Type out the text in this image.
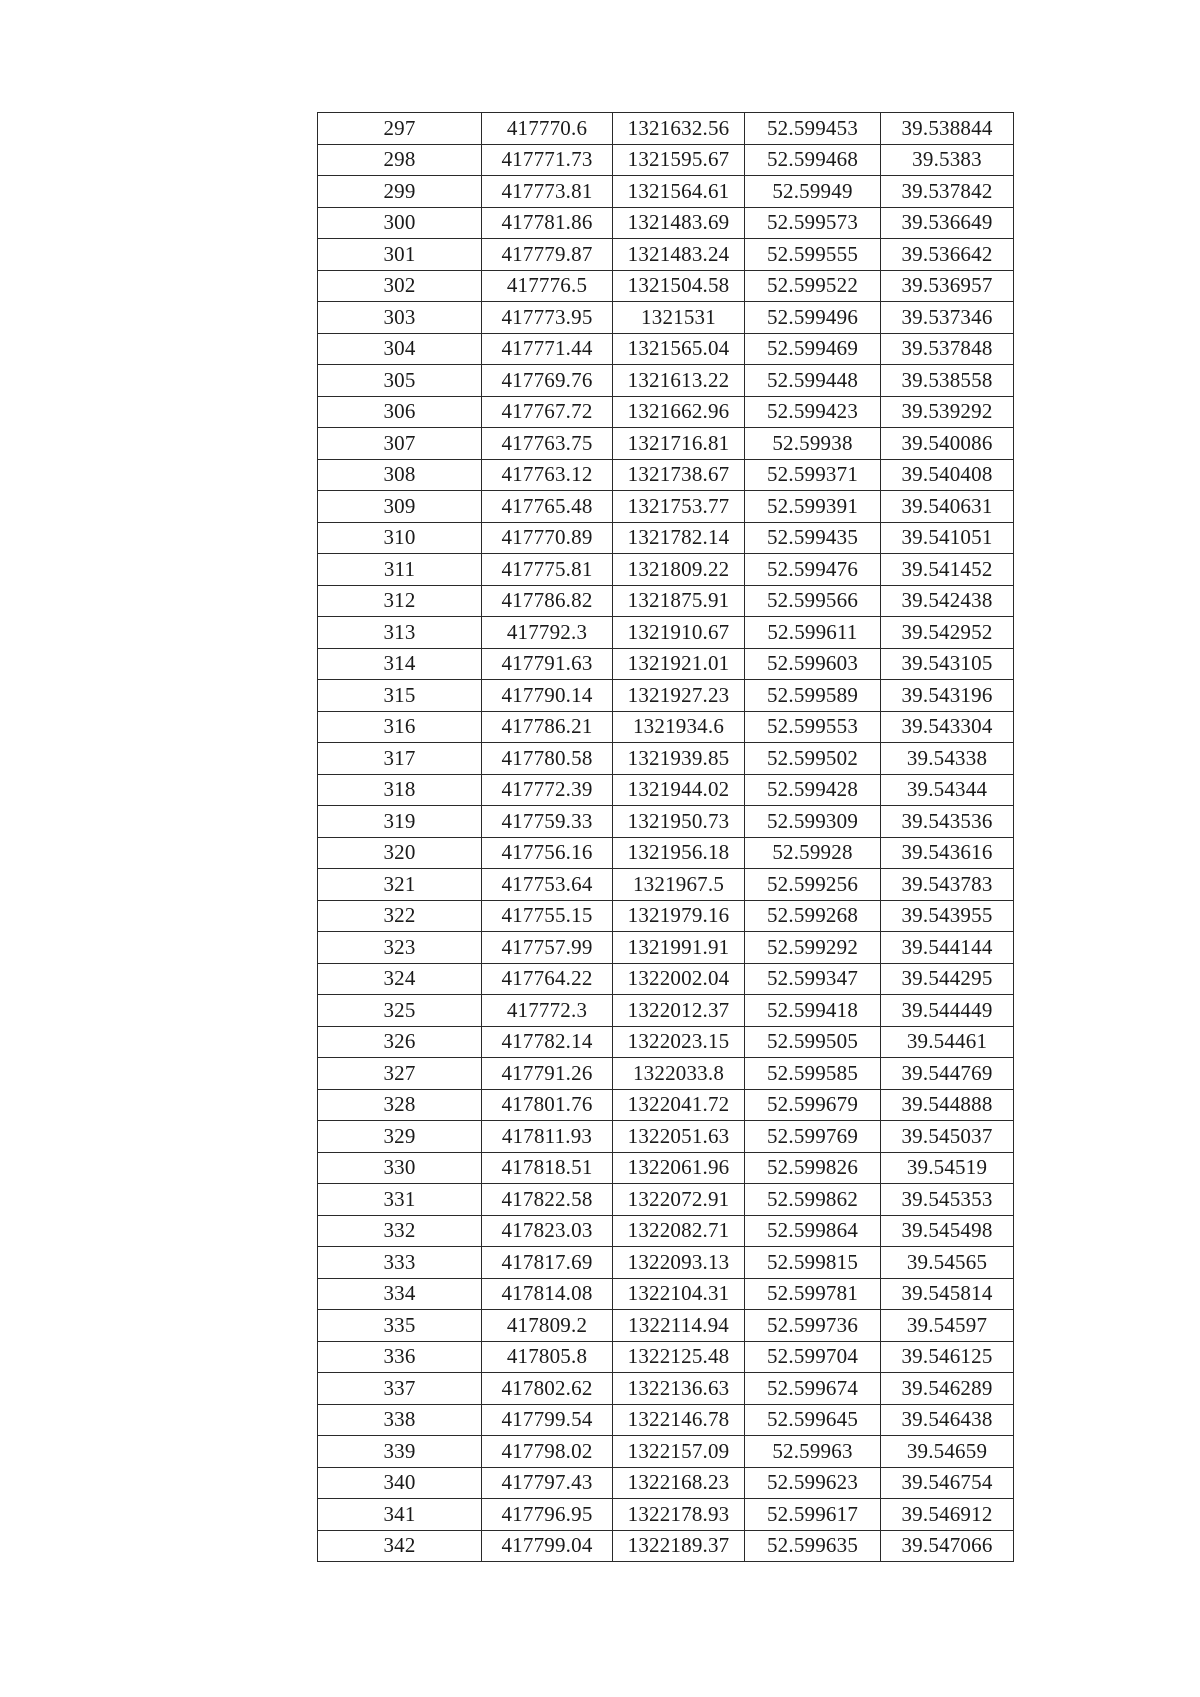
297	417770.6	1321632.56	52.599453	39.538844
298	417771.73	1321595.67	52.599468	39.5383
299	417773.81	1321564.61	52.59949	39.537842
300	417781.86	1321483.69	52.599573	39.536649
301	417779.87	1321483.24	52.599555	39.536642
302	417776.5	1321504.58	52.599522	39.536957
303	417773.95	1321531	52.599496	39.537346
304	417771.44	1321565.04	52.599469	39.537848
305	417769.76	1321613.22	52.599448	39.538558
306	417767.72	1321662.96	52.599423	39.539292
307	417763.75	1321716.81	52.59938	39.540086
308	417763.12	1321738.67	52.599371	39.540408
309	417765.48	1321753.77	52.599391	39.540631
310	417770.89	1321782.14	52.599435	39.541051
311	417775.81	1321809.22	52.599476	39.541452
312	417786.82	1321875.91	52.599566	39.542438
313	417792.3	1321910.67	52.599611	39.542952
314	417791.63	1321921.01	52.599603	39.543105
315	417790.14	1321927.23	52.599589	39.543196
316	417786.21	1321934.6	52.599553	39.543304
317	417780.58	1321939.85	52.599502	39.54338
318	417772.39	1321944.02	52.599428	39.54344
319	417759.33	1321950.73	52.599309	39.543536
320	417756.16	1321956.18	52.59928	39.543616
321	417753.64	1321967.5	52.599256	39.543783
322	417755.15	1321979.16	52.599268	39.543955
323	417757.99	1321991.91	52.599292	39.544144
324	417764.22	1322002.04	52.599347	39.544295
325	417772.3	1322012.37	52.599418	39.544449
326	417782.14	1322023.15	52.599505	39.54461
327	417791.26	1322033.8	52.599585	39.544769
328	417801.76	1322041.72	52.599679	39.544888
329	417811.93	1322051.63	52.599769	39.545037
330	417818.51	1322061.96	52.599826	39.54519
331	417822.58	1322072.91	52.599862	39.545353
332	417823.03	1322082.71	52.599864	39.545498
333	417817.69	1322093.13	52.599815	39.54565
334	417814.08	1322104.31	52.599781	39.545814
335	417809.2	1322114.94	52.599736	39.54597
336	417805.8	1322125.48	52.599704	39.546125
337	417802.62	1322136.63	52.599674	39.546289
338	417799.54	1322146.78	52.599645	39.546438
339	417798.02	1322157.09	52.59963	39.54659
340	417797.43	1322168.23	52.599623	39.546754
341	417796.95	1322178.93	52.599617	39.546912
342	417799.04	1322189.37	52.599635	39.547066
